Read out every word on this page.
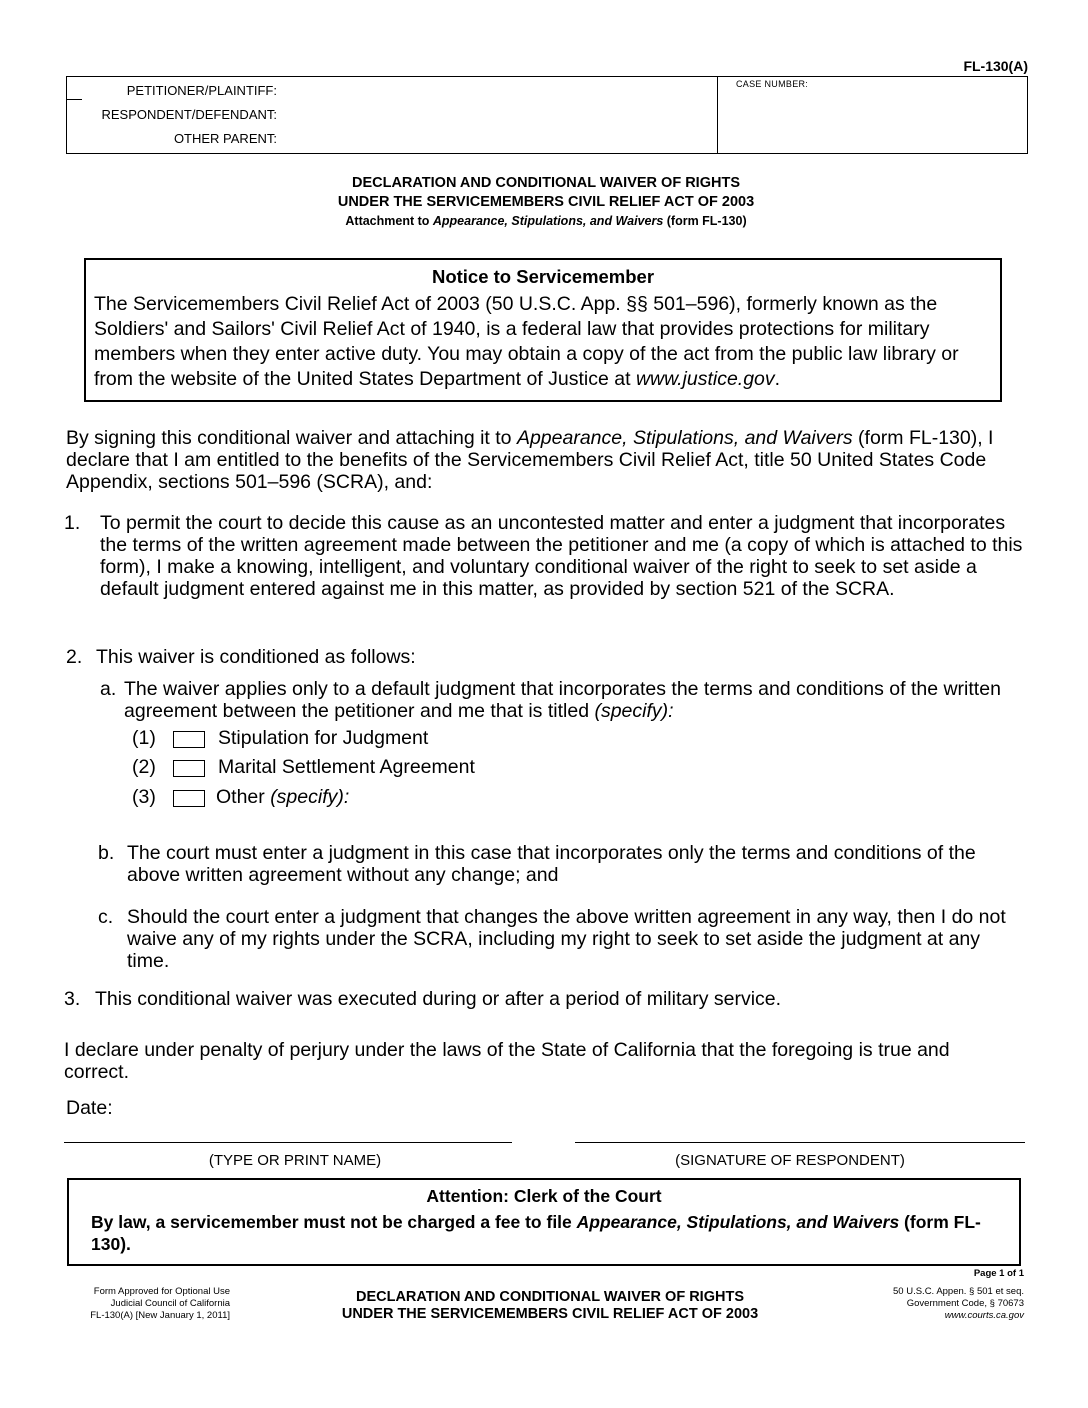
FL-130(A)
PETITIONER/PLAINTIFF:
RESPONDENT/DEFENDANT:
OTHER PARENT:
CASE NUMBER:
DECLARATION AND CONDITIONAL WAIVER OF RIGHTS
UNDER THE SERVICEMEMBERS CIVIL RELIEF ACT OF 2003
Attachment to Appearance, Stipulations, and Waivers (form FL-130)
Notice to Servicemember
The Servicemembers Civil Relief Act of 2003 (50 U.S.C. App. §§ 501–596), formerly known as the Soldiers' and Sailors' Civil Relief Act of 1940, is a federal law that provides protections for military members when they enter active duty. You may obtain a copy of the act from the public law library or from the website of the United States Department of Justice at www.justice.gov.
By signing this conditional waiver and attaching it to Appearance, Stipulations, and Waivers (form FL-130), I declare that I am entitled to the benefits of the Servicemembers Civil Relief Act, title 50 United States Code Appendix, sections 501–596 (SCRA), and:
1. To permit the court to decide this cause as an uncontested matter and enter a judgment that incorporates the terms of the written agreement made between the petitioner and me (a copy of which is attached to this form), I make a knowing, intelligent, and voluntary conditional waiver of the right to seek to set aside a default judgment entered against me in this matter, as provided by section 521 of the SCRA.
2. This waiver is conditioned as follows:
a. The waiver applies only to a default judgment that incorporates the terms and conditions of the written agreement between the petitioner and me that is titled (specify):
(1)	Stipulation for Judgment
(2)	Marital Settlement Agreement
(3)	Other (specify):
b. The court must enter a judgment in this case that incorporates only the terms and conditions of the above written agreement without any change; and
c. Should the court enter a judgment that changes the above written agreement in any way, then I do not waive any of my rights under the SCRA, including my right to seek to set aside the judgment at any time.
3. This conditional waiver was executed during or after a period of military service.
I declare under penalty of perjury under the laws of the State of California that the foregoing is true and correct.
Date:
(TYPE OR PRINT NAME)	(SIGNATURE OF RESPONDENT)
Attention: Clerk of the Court
By law, a servicemember must not be charged a fee to file Appearance, Stipulations, and Waivers (form FL-130).
Page 1 of 1
Form Approved for Optional Use
Judicial Council of California
FL-130(A) [New January 1, 2011]
DECLARATION AND CONDITIONAL WAIVER OF RIGHTS
UNDER THE SERVICEMEMBERS CIVIL RELIEF ACT OF 2003
50 U.S.C. Appen. § 501 et seq.
Government Code, § 70673
www.courts.ca.gov
